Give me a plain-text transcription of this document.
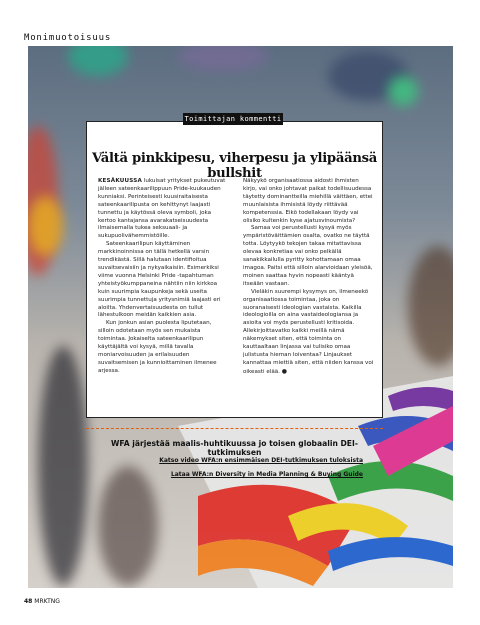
Monimuotoisuus
Toimittajan kommentti
Vältä pinkkipesu, viherpesu ja ylipäänsä bullshit

KESÄKUUSSA lukuisat yritykset pukeutuvat jälleen sateenkaarilippuun Pride-kuukauden kunniaksi. Perinteisesti kuusiraitaisesta sateenkaarilipusta on kehittynyt laajasti tunnettu ja käytössä oleva symboli, joka kertoo kantajansa avarakatseisuudesta ilmaisemalla tukea seksuaali- ja sukupuolivähemmistöille.

Sateenkaarilipun käyttäminen markkinoinnissa on tällä hetkellä varsin trendikästä. Sillä halutaan identifioitua suvaitsevaisiin ja nykyaikaisiin. Esimerkiksi viime vuonna Helsinki Pride -tapahtuman yhteistyökumppaneina nähtiin niin kirkkoa kuin suurimpia kaupunkeja sekä useita suurimpia tunnettuja yritysnimiä laajasti eri aloilta. Yhdenvertaisuudesta on tullut lähestulkoon meidän kaikkien asia.

Kun jonkun asian puolesta liputetaan, silloin odotetaan myös sen mukaista toimintaa. Jokaiselta sateenkaarilipun käyttäjältä voi kysyä, millä tavalla moniarvoisuuden ja erilaisuuden suvaitsemisen ja kunnioittaminen ilmenee arjessa.

Näkyykö organisaatiossa aidosti ihmisten kirjo, vai onko johtavat paikat todellisuudessa täytetty dominantteilla miehillä väittäen, ettei muunlaisista ihmisistä löydy riittävää kompetenssia. Eikö todellakaan löydy vai olisiko kultenkin kyse ajatusvinoumista?

Samaa voi perustellusti kysyä myös ympäristöväittämien osalta, ovatko ne täyttä totta. Löytyykö tekojen takaa mitattavissa olevaa konkretiaa vai onko pelkällä sanakikkailulla pyritty kohottamaan omaa imagoa. Paitsi että silloin alarvioidaan yleisöä, moinen saattaa hyvin nopeasti kääntyä itseään vastaan.

Vieläkin suurempi kysymys on, ilmeneekö organisaatiossa toimintaa, joka on suoranaisesti ideologian vastaista. Kaikilla ideologioilla on aina vastaideologiansa ja asioita voi myös perustellusti kritisoida. Allekirjoittavatko kaikki meillä nämä näkemykset siten, että toiminta on kauttaaltaan linjassa vai tulisiko omaa julistusta hieman loiventaa? Linjaukset kannattaa miettiä siten, että niiden kanssa voi oikeasti elää. ●

WFA järjestää maalis-huhtikuussa jo toisen globaalin DEI-tutkimuksen
Katso video WFA:n ensimmäisen DEI-tutkimuksen tuloksista
Lataa WFA:n Diversity in Media Planning & Buying Guide
48 MRKTNG
